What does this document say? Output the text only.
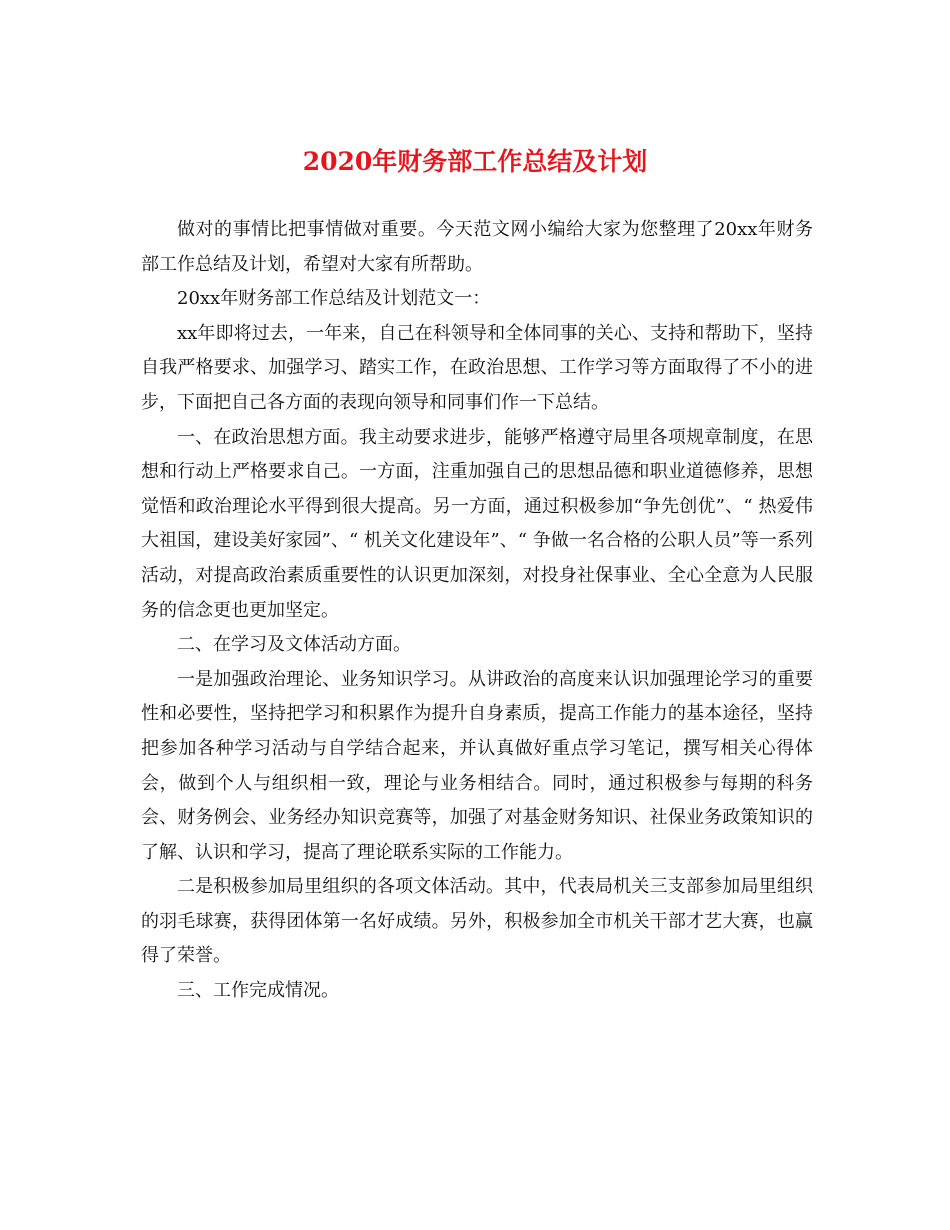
2020年财务部工作总结及计划

做对的事情比把事情做对重要。今天范文网小编给大家为您整理了20xx年财务部工作总结及计划，希望对大家有所帮助。

20xx年财务部工作总结及计划范文一：

xx年即将过去，一年来，自己在科领导和全体同事的关心、支持和帮助下，坚持自我严格要求、加强学习、踏实工作，在政治思想、工作学习等方面取得了不小的进步，下面把自己各方面的表现向领导和同事们作一下总结。

一、在政治思想方面。我主动要求进步，能够严格遵守局里各项规章制度，在思想和行动上严格要求自己。一方面，注重加强自己的思想品德和职业道德修养，思想觉悟和政治理论水平得到很大提高。另一方面，通过积极参加“争先创优”、“ 热爱伟大祖国，建设美好家园”、“ 机关文化建设年”、“ 争做一名合格的公职人员”等一系列活动，对提高政治素质重要性的认识更加深刻，对投身社保事业、全心全意为人民服务的信念更也更加坚定。

二、在学习及文体活动方面。

一是加强政治理论、业务知识学习。从讲政治的高度来认识加强理论学习的重要性和必要性，坚持把学习和积累作为提升自身素质，提高工作能力的基本途径，坚持把参加各种学习活动与自学结合起来，并认真做好重点学习笔记，撰写相关心得体会，做到个人与组织相一致，理论与业务相结合。同时，通过积极参与每期的科务会、财务例会、业务经办知识竞赛等，加强了对基金财务知识、社保业务政策知识的了解、认识和学习，提高了理论联系实际的工作能力。

二是积极参加局里组织的各项文体活动。其中，代表局机关三支部参加局里组织的羽毛球赛，获得团体第一名好成绩。另外，积极参加全市机关干部才艺大赛，也赢得了荣誉。

三、工作完成情况。
